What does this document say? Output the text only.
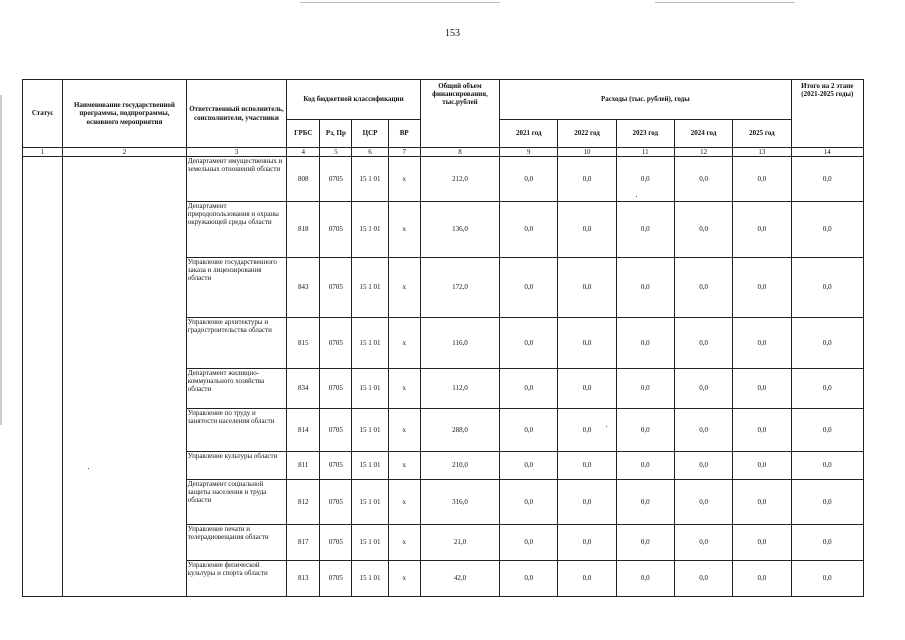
153
Статус	Наименование государственной программы, подпрограммы, основного мероприятия	Ответственный исполнитель, соисполнители, участники	Код бюджетной классификации				Общий объем финансирования, тыс.рублей	Расходы (тыс. рублей), годы					Итого на 2 этапе (2021-2025 годы)
			ГРБС	Рз, Пр	ЦСР	ВР		2021 год	2022 год	2023 год	2024 год	2025 год	
1	2	3	4	5	6	7	8	9	10	11	12	13	14
		Департамент имущественных и земельных отношений области	808	0705	15 1 01	х	212,0	0,0	0,0	0,0	0,0	0,0	0,0
		Департамент природопользования и охраны окружающей среды области	818	0705	15 1 01	х	136,0	0,0	0,0	0,0	0,0	0,0	0,0
		Управление государственного заказа и лицензирования области	843	0705	15 1 01	х	172,0	0,0	0,0	0,0	0,0	0,0	0,0
		Управление архитектуры и градостроительства области	815	0705	15 1 01	х	116,0	0,0	0,0	0,0	0,0	0,0	0,0
		Департамент жилищно-коммунального хозяйства области	834	0705	15 1 01	х	112,0	0,0	0,0	0,0	0,0	0,0	0,0
		Управление по труду и занятости населения области	814	0705	15 1 01	х	288,0	0,0	0,0	0,0	0,0	0,0	0,0
		Управление культуры области	811	0705	15 1 01	х	210,0	0,0	0,0	0,0	0,0	0,0	0,0
		Департамент социальной защиты населения и труда области	812	0705	15 1 01	х	316,0	0,0	0,0	0,0	0,0	0,0	0,0
		Управление печати и телерадиовещания области	817	0705	15 1 01	х	21,0	0,0	0,0	0,0	0,0	0,0	0,0
		Управление физической культуры и спорта области	813	0705	15 1 01	х	42,0	0,0	0,0	0,0	0,0	0,0	0,0
